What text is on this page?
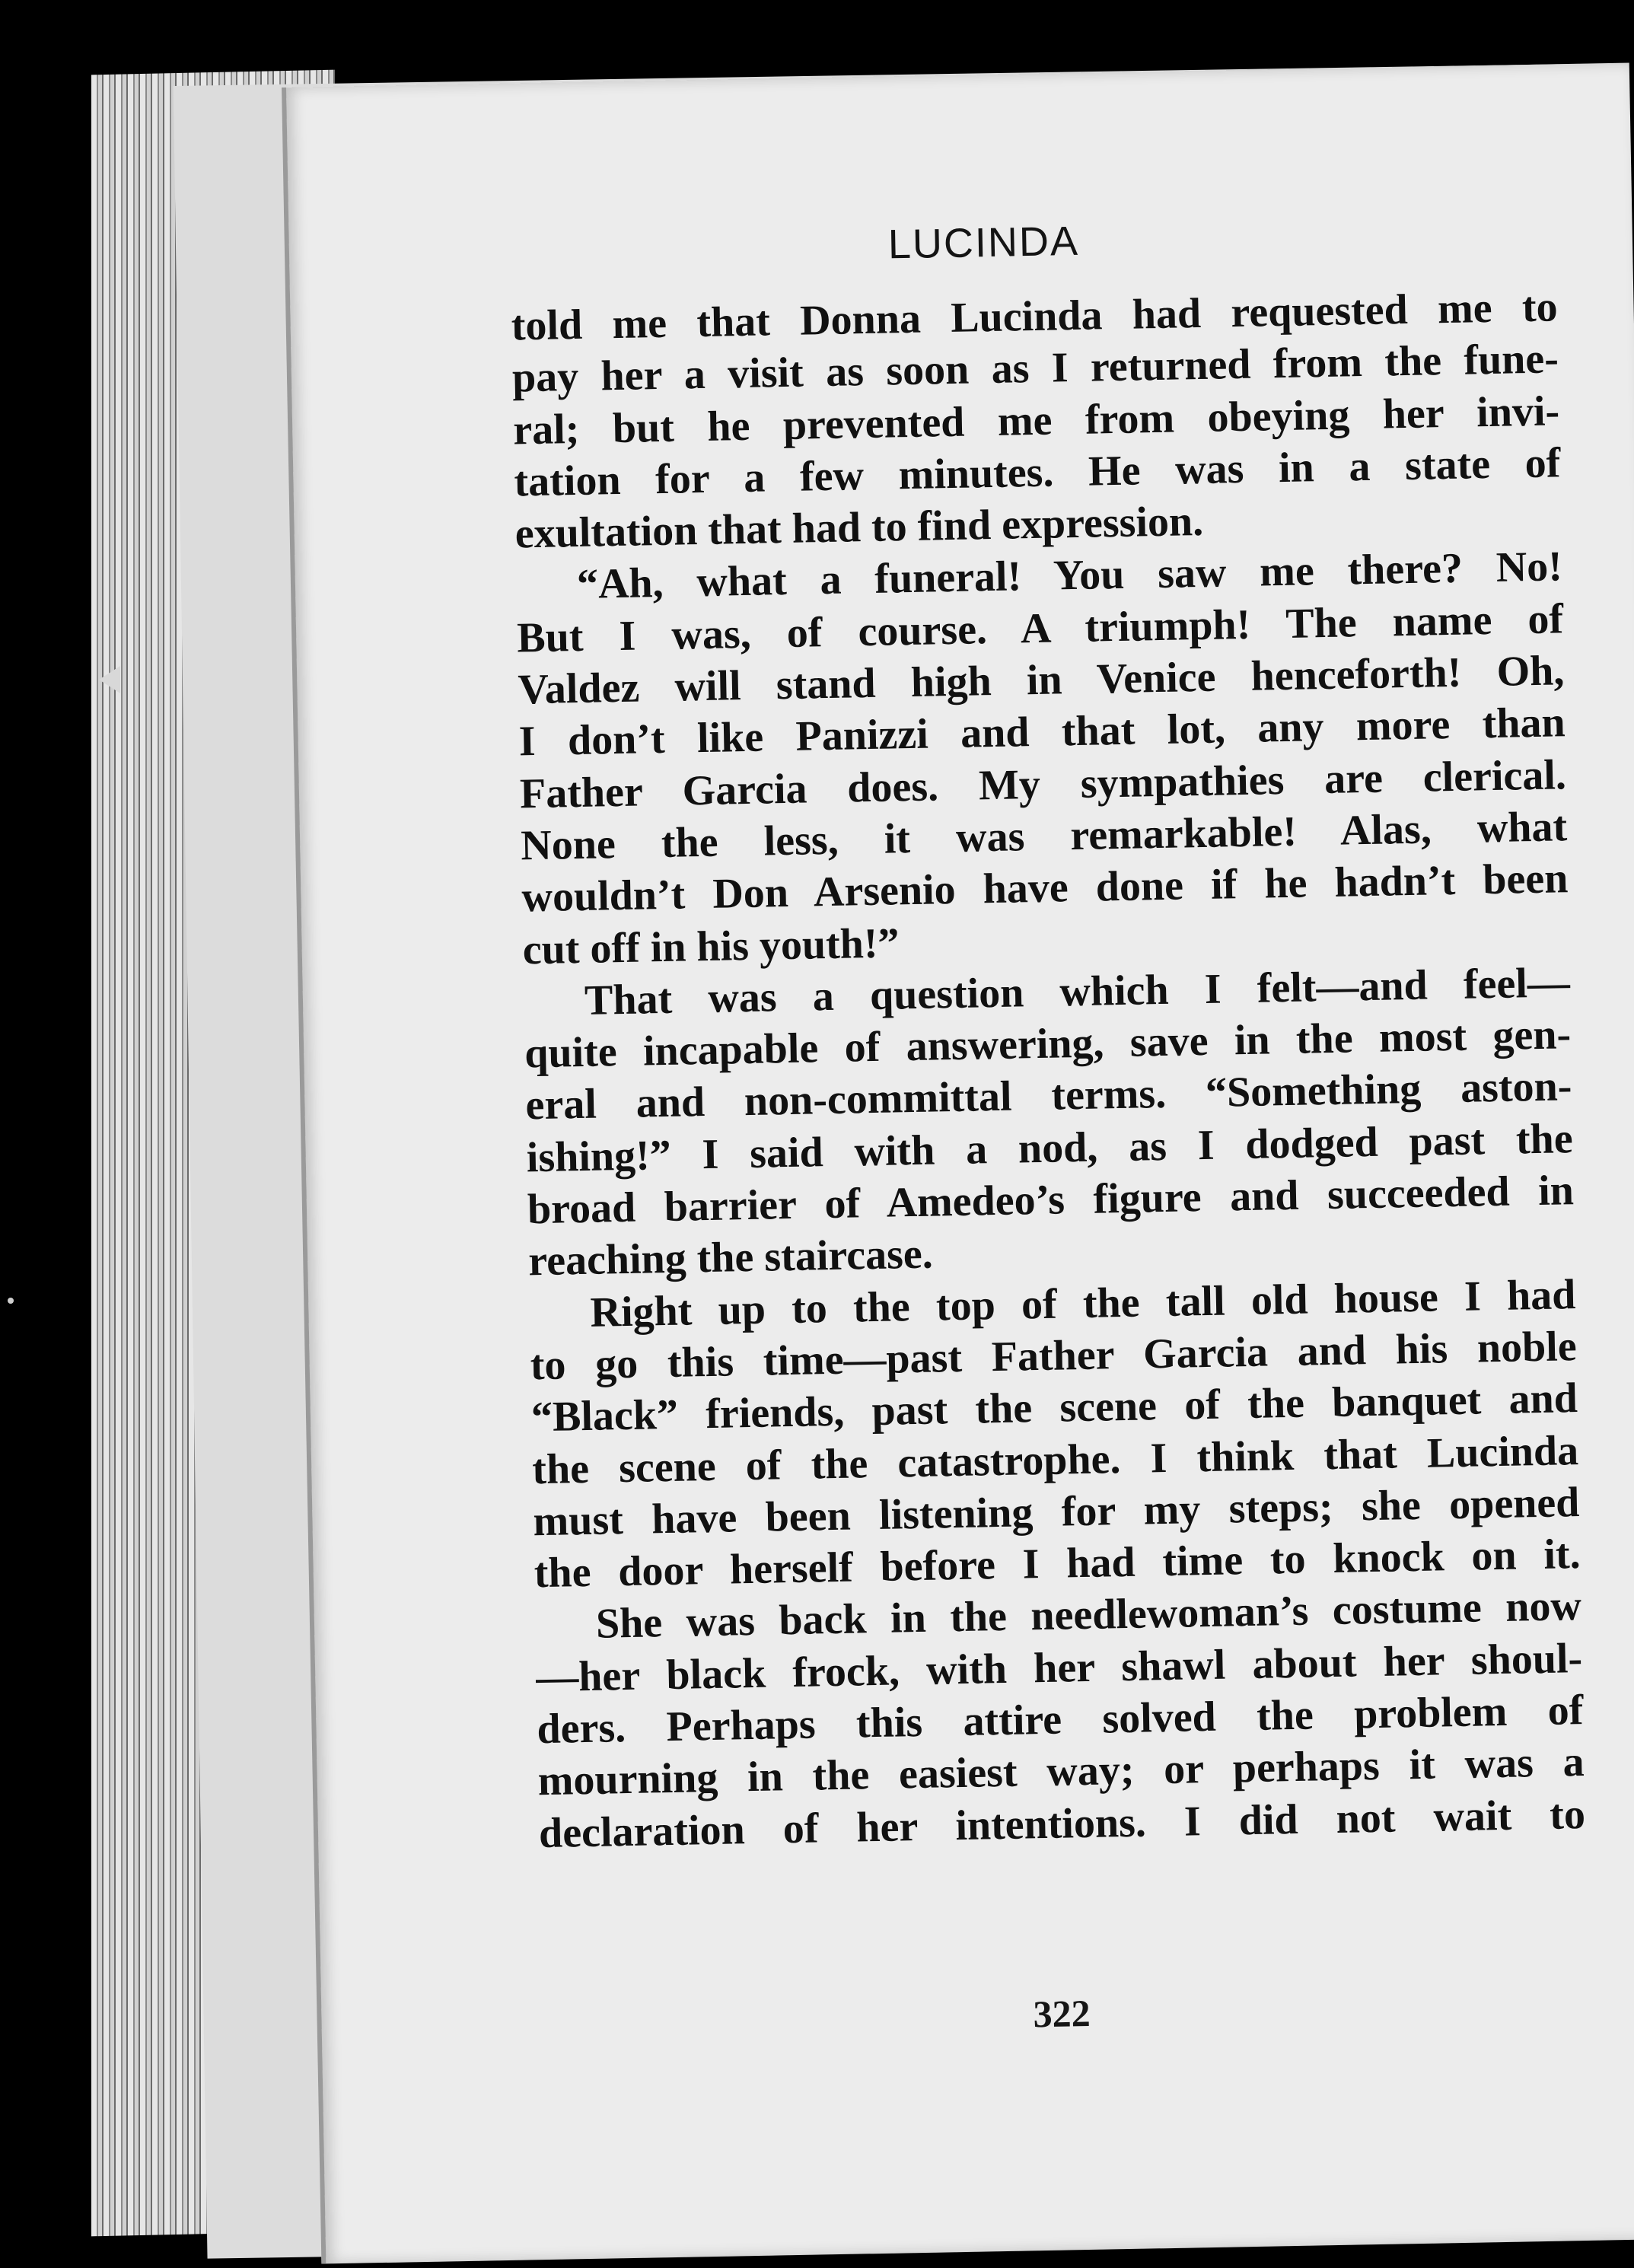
LUCINDA
told me that Donna Lucinda had requested me to
pay her a visit as soon as I returned from the fune-
ral; but he prevented me from obeying her invi-
tation for a few minutes. He was in a state of
exultation that had to find expression.
“Ah, what a funeral! You saw me there? No!
But I was, of course. A triumph! The name of
Valdez will stand high in Venice henceforth! Oh,
I don’t like Panizzi and that lot, any more than
Father Garcia does. My sympathies are clerical.
None the less, it was remarkable! Alas, what
wouldn’t Don Arsenio have done if he hadn’t been
cut off in his youth!”
That was a question which I felt—and feel—
quite incapable of answering, save in the most gen-
eral and non-committal terms. “Something aston-
ishing!” I said with a nod, as I dodged past the
broad barrier of Amedeo’s figure and succeeded in
reaching the staircase.
Right up to the top of the tall old house I had
to go this time—past Father Garcia and his noble
“Black” friends, past the scene of the banquet and
the scene of the catastrophe. I think that Lucinda
must have been listening for my steps; she opened
the door herself before I had time to knock on it.
She was back in the needlewoman’s costume now
—her black frock, with her shawl about her shoul-
ders. Perhaps this attire solved the problem of
mourning in the easiest way; or perhaps it was a
declaration of her intentions. I did not wait to
322
